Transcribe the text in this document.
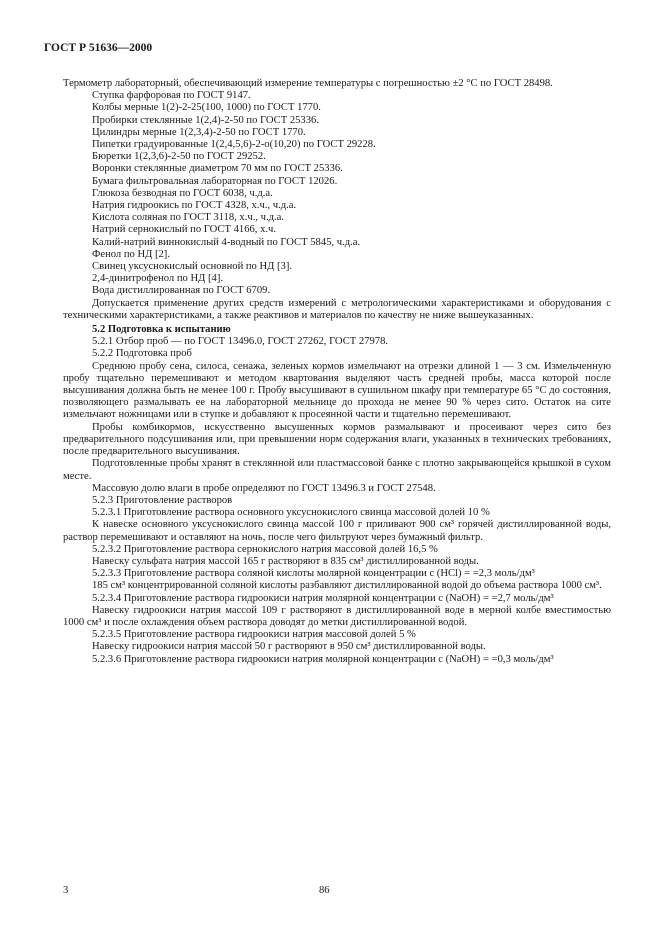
ГОСТ Р 51636—2000

Термометр лабораторный, обеспечивающий измерение температуры с погрешностью ±2 °С по ГОСТ 28498.

Ступка фарфоровая по ГОСТ 9147.

Колбы мерные 1(2)-2-25(100, 1000) по ГОСТ 1770.

Пробирки стеклянные 1(2,4)-2-50 по ГОСТ 25336.

Цилиндры мерные 1(2,3,4)-2-50 по ГОСТ 1770.

Пипетки градуированные 1(2,4,5,6)-2-о(10,20) по ГОСТ 29228.

Бюретки 1(2,3,6)-2-50 по ГОСТ 29252.

Воронки стеклянные диаметром 70 мм по ГОСТ 25336.

Бумага фильтровальная лабораторная по ГОСТ 12026.

Глюкоза безводная по ГОСТ 6038, ч.д.а.

Натрия гидроокись по ГОСТ 4328, х.ч., ч.д.а.

Кислота соляная по ГОСТ 3118, х.ч., ч.д.а.

Натрий сернокислый по ГОСТ 4166, х.ч.

Калий-натрий виннокислый 4-водный по ГОСТ 5845, ч.д.а.

Фенол по НД [2].

Свинец уксуснокислый основной по НД [3].

2,4-динитрофенол по НД [4].

Вода дистиллированная по ГОСТ 6709.

Допускается применение других средств измерений с метрологическими характеристиками и оборудования с техническими характеристиками, а также реактивов и материалов по качеству не ниже вышеуказанных.

5.2 Подготовка к испытанию

5.2.1 Отбор проб — по ГОСТ 13496.0, ГОСТ 27262, ГОСТ 27978.

5.2.2 Подготовка проб

Среднюю пробу сена, силоса, сенажа, зеленых кормов измельчают на отрезки длиной 1 — 3 см. Измельченную пробу тщательно перемешивают и методом квартования выделяют часть средней пробы, масса которой после высушивания должна быть не менее 100 г. Пробу высушивают в сушильном шкафу при температуре 65 °С до состояния, позволяющего размалывать ее на лабораторной мельнице до прохода не менее 90 % через сито. Остаток на сите измельчают ножницами или в ступке и добавляют к просеянной части и тщательно перемешивают.

Пробы комбикормов, искусственно высушенных кормов размалывают и просеивают через сито без предварительного подсушивания или, при превышении норм содержания влаги, указанных в технических требованиях, после предварительного высушивания.

Подготовленные пробы хранят в стеклянной или пластмассовой банке с плотно закрывающейся крышкой в сухом месте.

Массовую долю влаги в пробе определяют по ГОСТ 13496.3 и ГОСТ 27548.

5.2.3 Приготовление растворов

5.2.3.1 Приготовление раствора основного уксуснокислого свинца массовой долей 10 %

К навеске основного уксуснокислого свинца массой 100 г приливают 900 см³ горячей дистиллированной воды, раствор перемешивают и оставляют на ночь, после чего фильтруют через бумажный фильтр.

5.2.3.2 Приготовление раствора сернокислого натрия массовой долей 16,5 %

Навеску сульфата натрия массой 165 г растворяют в 835 см³ дистиллированной воды.

5.2.3.3 Приготовление раствора соляной кислоты молярной концентрации c (HCl) = =2,3 моль/дм³

185 см³ концентрированной соляной кислоты разбавляют дистиллированной водой до объема раствора 1000 см³.

5.2.3.4 Приготовление раствора гидроокиси натрия молярной концентрации c (NaOH) = =2,7 моль/дм³

Навеску гидроокиси натрия массой 109 г растворяют в дистиллированной воде в мерной колбе вместимостью 1000 см³ и после охлаждения объем раствора доводят до метки дистиллированной водой.

5.2.3.5 Приготовление раствора гидроокиси натрия массовой долей 5 %

Навеску гидроокиси натрия массой 50 г растворяют в 950 см³ дистиллированной воды.

5.2.3.6 Приготовление раствора гидроокиси натрия молярной концентрации c (NaOH) = =0,3 моль/дм³

3	86
